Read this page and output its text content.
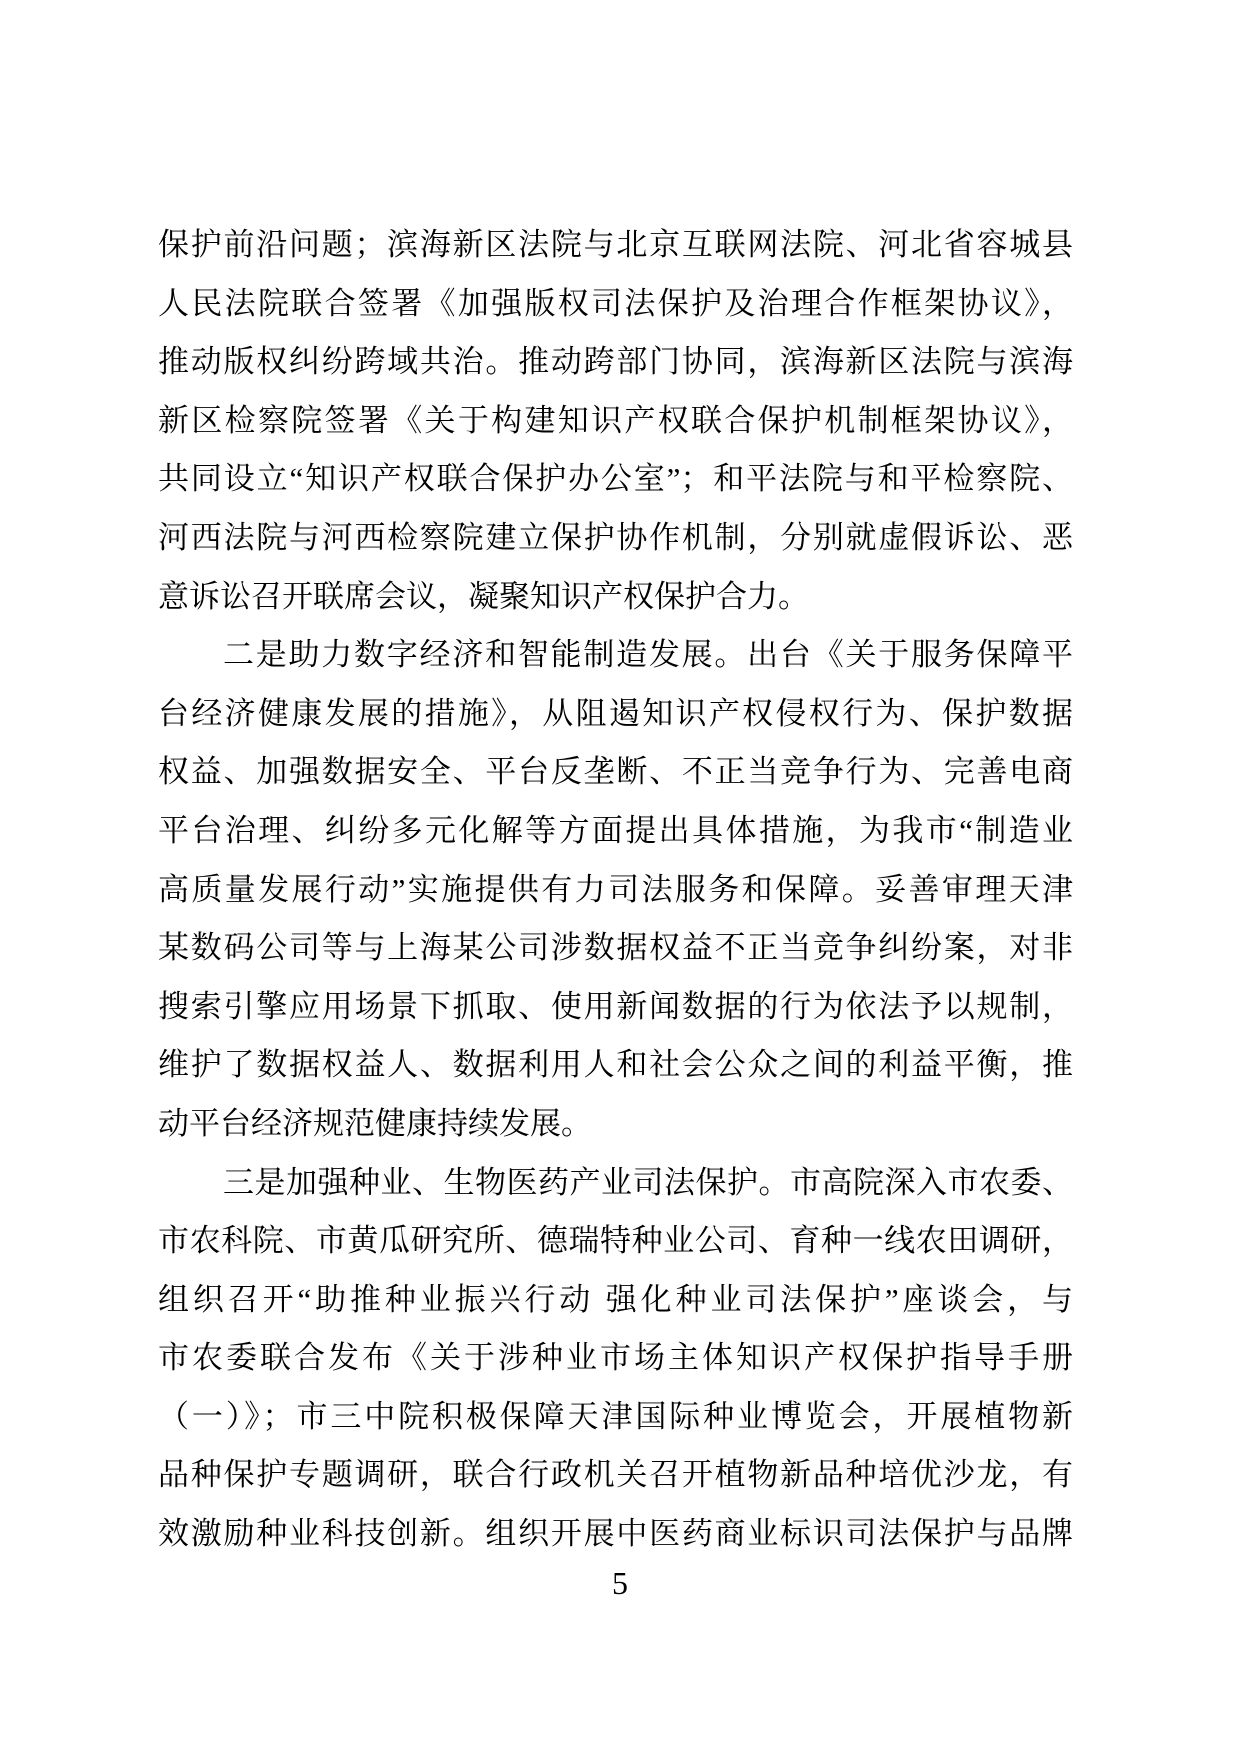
保护前沿问题；滨海新区法院与北京互联网法院、河北省容城县
人民法院联合签署《加强版权司法保护及治理合作框架协议》，
推动版权纠纷跨域共治。推动跨部门协同，滨海新区法院与滨海
新区检察院签署《关于构建知识产权联合保护机制框架协议》，
共同设立“知识产权联合保护办公室”；和平法院与和平检察院、
河西法院与河西检察院建立保护协作机制，分别就虚假诉讼、恶
意诉讼召开联席会议，凝聚知识产权保护合力。
二是助力数字经济和智能制造发展。出台《关于服务保障平
台经济健康发展的措施》，从阻遏知识产权侵权行为、保护数据
权益、加强数据安全、平台反垄断、不正当竞争行为、完善电商
平台治理、纠纷多元化解等方面提出具体措施，为我市“制造业
高质量发展行动”实施提供有力司法服务和保障。妥善审理天津
某数码公司等与上海某公司涉数据权益不正当竞争纠纷案，对非
搜索引擎应用场景下抓取、使用新闻数据的行为依法予以规制，
维护了数据权益人、数据利用人和社会公众之间的利益平衡，推
动平台经济规范健康持续发展。
三是加强种业、生物医药产业司法保护。市高院深入市农委、
市农科院、市黄瓜研究所、德瑞特种业公司、育种一线农田调研，
组织召开“助推种业振兴行动 强化种业司法保护”座谈会，与
市农委联合发布《关于涉种业市场主体知识产权保护指导手册
（一）》；市三中院积极保障天津国际种业博览会，开展植物新
品种保护专题调研，联合行政机关召开植物新品种培优沙龙，有
效激励种业科技创新。组织开展中医药商业标识司法保护与品牌
5
